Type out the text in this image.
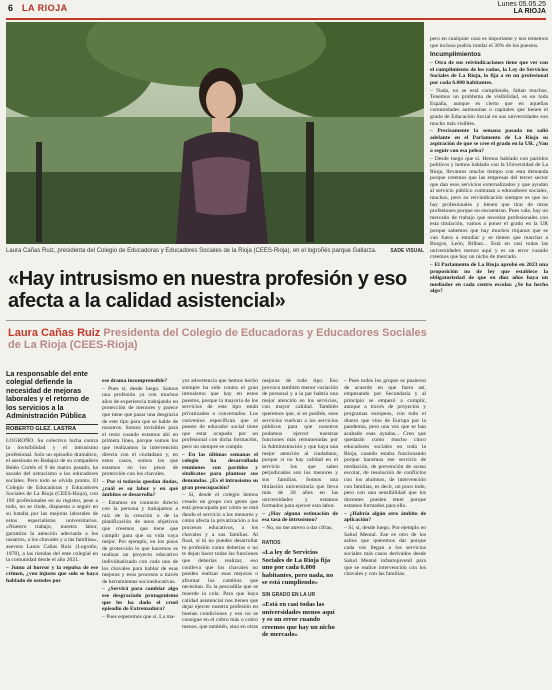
6 LA RIOJA	Lunes 05.05.25
LA RIOJA
Laura Cañas Ruiz, presidenta del Colegio de Educadoras y Educadores Sociales de la Rioja (CEES-Rioja), en el logroñés parque Gallarza.	SADE VISUAL
«Hay intrusismo en nuestra profesión y eso afecta a la calidad asistencial»
Laura Cañas Ruiz Presidenta del Colegio de Educadoras y Educadores Sociales de La Rioja (CEES-Rioja)
La responsable del ente colegial defiende la necesidad de mejoras laborales y el retorno de los servicios a la Administración Pública
ROBERTO GLEZ. LASTRA

LOGROÑO. Su colectivo lucha contra la invisibilidad y el intrusismo profesional. Solo un episodio dramático, el asesinato en Badajoz de su compañera Belén Cortés el 9 de marzo pasado, ha sacado del ostracismo a los educadores sociales. Pero todo se olvida pronto. El Colegio de Educadoras y Educadores Sociales de La Rioja (CEES-Rioja), con 190 profesionales en su registro, pese a todo, no se rinde, dispuesto a seguir en su batalla por las mejoras laborales de estos especialistas universitarios. «Nuestro trabajo, nuestra labor, garantiza la atención adecuada a los usuarios, a los chavales y a las familias», asevera Laura Cañas Ruiz (Logroño, 1978), a las riendas del ente colegial en la comunidad desde el año 2021.

– Junto al horror y la repulsa de ese crimen, ¿ven injusto que solo se haya hablado de ustedes por

ese drama incomprensible?

– Pues sí, desde luego. Somos una profesión ya con muchos años de experiencia trabajando en protección de menores y parece que tiene que pasar una desgracia de este tipo para que se hable de nosotros. Somos invisibles para el resto cuando estamos ahí en primera línea, porque somos los que realizamos la intervención directa con el ciudadano y, en estos casos, somos los que estamos en los pisos de protección con los chavales.

– Por si todavía quedan dudas, ¿cuál es su labor y en qué ámbitos se desarrolla?

– Estamos en contacto directo con la persona y trabajamos a raíz de la creación o de la planificación de unos objetivos que creemos que tiene que cumplir para que su vida vaya mejor. Por ejemplo, en los pisos de protección lo que hacemos es realizar un proyecto educativo individualizado con cada uno de los chavales para hablar de esas mejoras y esos procesos a través de herramientas socioeducativas.

– ¿Servirá para cambiar algo ese desgraciado protagonismo que les ha dado el cruel episodio de Extremadura?

– Pues esperemos que sí. La ma-

yor advertencia que hemos hecho siempre ha sido contra el gran intrusismo que hay en estos puestos, porque la mayoría de los servicios de este tipo están privatizados o concertados. Los convenios especifican que el puesto de educador social tiene que estar ocupado por un profesional con dicha formación, pero no siempre se cumple.

– En las últimas semanas el colegio ha desarrollado reuniones con partidos y sindicatos para plantear sus demandas. ¿Es el intrusismo su gran preocupación?

– Sí, desde el colegio hemos creado un grupo con gente que está preocupada por cómo se está dando el servicio a los menores y cómo afecta la privatización a los procesos educativos, a los chavales y a sus familias. Al final, si tú no puedes desarrollar tu profesión como deberías o no te dejan hacer todas las funciones que deberías realizar, eso conlleva que los chavales no pueden realizar esas mejoras o afrontar los cambios que necesitan. Es la pescadilla que se muerde la cola. Para que haya calidad asistencial nos tienen que dejar ejercer nuestra profesión en buenas condiciones y eso no se consigue en el cobro más o cobro menos, que también, sino en otras

mejoras de todo tipo. Eso provoca también menor variación de personal y a la par habría una mejor atención en los servicios, con mayor calidad. También queremos que, si es posible, esos servicios vuelvan a los servicios públicos para que nosotros podamos ejercer nuestras funciones más remuneradas por la Administración y que haya una mejor atención al ciudadano, porque si no hay calidad en el servicio los que salen perjudicados son los menores y sus familias. Somos una titulación universitaria que lleva más de 30 años en las universidades y estamos formados para ejercer esta labor.

– ¿Hay alguna estimación de esa tasa de intrusismo?

– No, no me atrevo a dar cifras,

RATIOS
«La ley de Servicios Sociales de La Rioja fija uno por cada 6.000 habitantes, pero nada, no se está cumpliendo»
SIN GRADO EN LA UR
«Está en casi todas las universidades menos aquí y es un error cuando creemos que hay un nicho de mercado»

– Pues todos los grupos se pusieron de acuerdo en que fuera así, empezando por Secundaria y al principio se empezó a cumplir, aunque a través de proyectos y programas europeos, con todo el dinero que vino de Europa por la pandemia, pero una vez que se han acabado esas ayudas... Creo que quedarán como mucho cinco educadores sociales en toda la Rioja, cuando estaba funcionando porque hacemos ese servicio de mediación, de prevención de acoso escolar, de resolución de conflictos con los alumnos, de intervención con familias, es decir, un poco todo, pero con una sensibilidad que los docentes pueden tener porque estamos formados para ello.

– ¿Habría algún otro ámbito de aplicación?

– Sí, sí, desde luego. Por ejemplo en Salud Mental. Ese es otro de los saltos que queremos dar porque cada vez llegan a los servicios sociales más casos derivados desde Salud Mental infantojuvenil para que se realice intervención con los chavales y con las familias.

pero en cualquier caso es importante y nos tememos que incluso podría rondar el 30% de los puestos.

Incumplimientos

– Otra de sus reivindicaciones tiene que ver con el cumplimiento de los ratios, la Ley de Servicios Sociales de La Rioja, lo fija a en un profesional por cada 6.000 habitantes.

– Nada, no se está cumpliendo, faltan muchos. Tenemos un problema de visibilidad, es en toda España, aunque es cierto que en aquellas comunidades autónomas o capitales que tienen el grado de Educación Social en sus universidades son mucho más visibles.

– Precisamente la semana pasada no salió adelante en el Parlamento de La Rioja su aspiración de que se cree el grado en la UR. ¿Van a seguir con esa pelea?

– Desde luego que sí. Hemos hablado con partidos políticos y hemos hablado con la Universidad de La Rioja, llevamos mucho tiempo con esta demanda porque creemos que las empresas del tercer sector que dan esos servicios externalizados y que ayudan al servicio público contratan a educadores sociales, muchos, pero su reivindicación siempre es que no hay profesionales y tienen que tirar de otras profesiones porque no encuentran. Pues vale, hay un mercado de trabajo que necesita profesionales con esta titulación, vamos a poner el grado en la UR porque sabemos que hay muchos riojanos que se van fuera a estudiar y se tienen que marchar a Burgos, León, Bilbao... Está en casi todas las universidades menos aquí y es un error cuando creemos que hay un nicho de mercado.

– El Parlamento de La Rioja aprobó en 2023 una proposición no de ley que establece la obligatoriedad de que en diez años haya un mediador en cada centro escolar. ¿Se ha hecho algo?
